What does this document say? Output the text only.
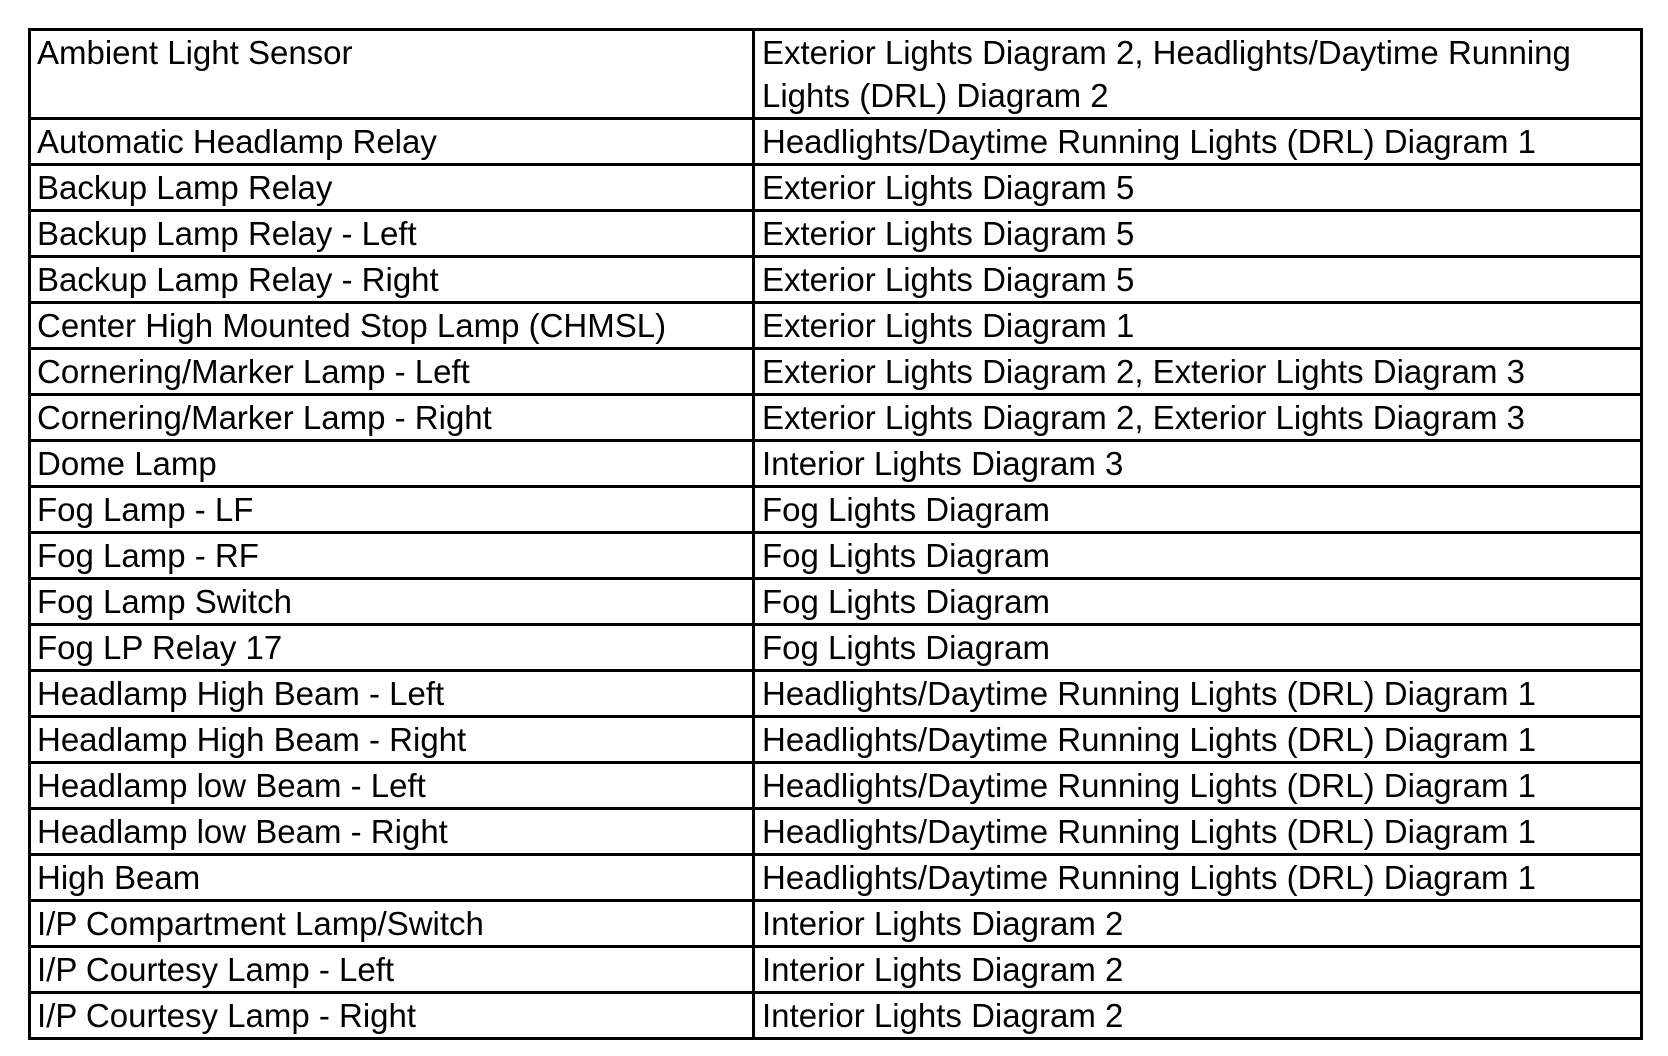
Ambient Light Sensor	Exterior Lights Diagram 2, Headlights/Daytime Running Lights (DRL) Diagram 2
Automatic Headlamp Relay	Headlights/Daytime Running Lights (DRL) Diagram 1
Backup Lamp Relay	Exterior Lights Diagram 5
Backup Lamp Relay - Left	Exterior Lights Diagram 5
Backup Lamp Relay - Right	Exterior Lights Diagram 5
Center High Mounted Stop Lamp (CHMSL)	Exterior Lights Diagram 1
Cornering/Marker Lamp - Left	Exterior Lights Diagram 2, Exterior Lights Diagram 3
Cornering/Marker Lamp - Right	Exterior Lights Diagram 2, Exterior Lights Diagram 3
Dome Lamp	Interior Lights Diagram 3
Fog Lamp - LF	Fog Lights Diagram
Fog Lamp - RF	Fog Lights Diagram
Fog Lamp Switch	Fog Lights Diagram
Fog LP Relay 17	Fog Lights Diagram
Headlamp High Beam - Left	Headlights/Daytime Running Lights (DRL) Diagram 1
Headlamp High Beam - Right	Headlights/Daytime Running Lights (DRL) Diagram 1
Headlamp low Beam - Left	Headlights/Daytime Running Lights (DRL) Diagram 1
Headlamp low Beam - Right	Headlights/Daytime Running Lights (DRL) Diagram 1
High Beam	Headlights/Daytime Running Lights (DRL) Diagram 1
I/P Compartment Lamp/Switch	Interior Lights Diagram 2
I/P Courtesy Lamp - Left	Interior Lights Diagram 2
I/P Courtesy Lamp - Right	Interior Lights Diagram 2
